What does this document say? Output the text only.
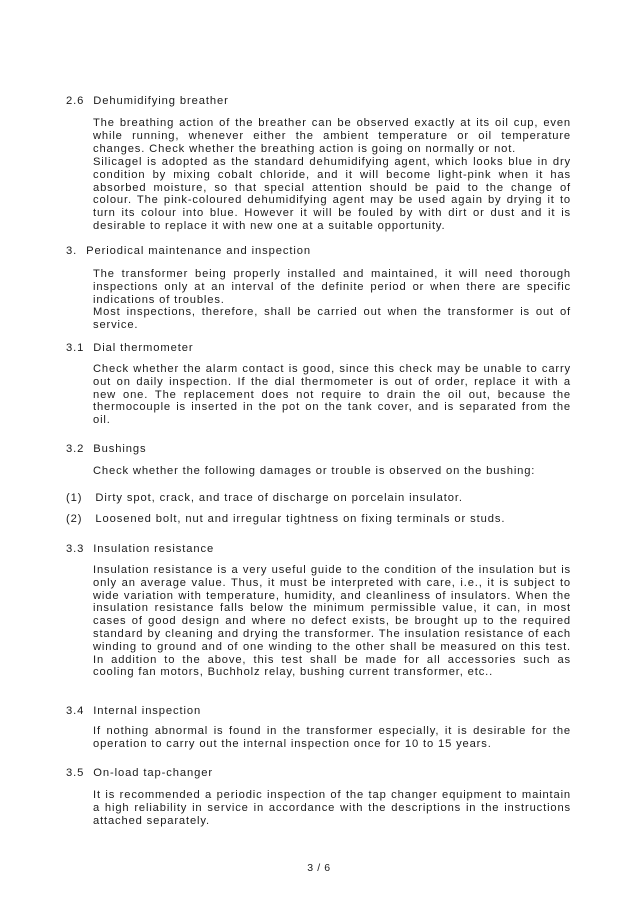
2.6 Dehumidifying breather

The breathing action of the breather can be observed exactly at its oil cup, even while running, whenever either the ambient temperature or oil temperature changes. Check whether the breathing action is going on normally or not.

Silicagel is adopted as the standard dehumidifying agent, which looks blue in dry condition by mixing cobalt chloride, and it will become light-pink when it has absorbed moisture, so that special attention should be paid to the change of colour. The pink-coloured dehumidifying agent may be used again by drying it to turn its colour into blue. However it will be fouled by with dirt or dust and it is desirable to replace it with new one at a suitable opportunity.

3. Periodical maintenance and inspection

The transformer being properly installed and maintained, it will need thorough inspections only at an interval of the definite period or when there are specific indications of troubles.

Most inspections, therefore, shall be carried out when the transformer is out of service.

3.1 Dial thermometer

Check whether the alarm contact is good, since this check may be unable to carry out on daily inspection. If the dial thermometer is out of order, replace it with a new one. The replacement does not require to drain the oil out, because the thermocouple is inserted in the pot on the tank cover, and is separated from the oil.

3.2 Bushings

Check whether the following damages or trouble is observed on the bushing:

(1) Dirty spot, crack, and trace of discharge on porcelain insulator.
(2) Loosened bolt, nut and irregular tightness on fixing terminals or studs.
3.3 Insulation resistance

Insulation resistance is a very useful guide to the condition of the insulation but is only an average value. Thus, it must be interpreted with care, i.e., it is subject to wide variation with temperature, humidity, and cleanliness of insulators. When the insulation resistance falls below the minimum permissible value, it can, in most cases of good design and where no defect exists, be brought up to the required standard by cleaning and drying the transformer. The insulation resistance of each winding to ground and of one winding to the other shall be measured on this test. In addition to the above, this test shall be made for all accessories such as cooling fan motors, Buchholz relay, bushing current transformer, etc..

3.4 Internal inspection

If nothing abnormal is found in the transformer especially, it is desirable for the operation to carry out the internal inspection once for 10 to 15 years.

3.5 On-load tap-changer

It is recommended a periodic inspection of the tap changer equipment to maintain a high reliability in service in accordance with the descriptions in the instructions attached separately.

3 / 6
